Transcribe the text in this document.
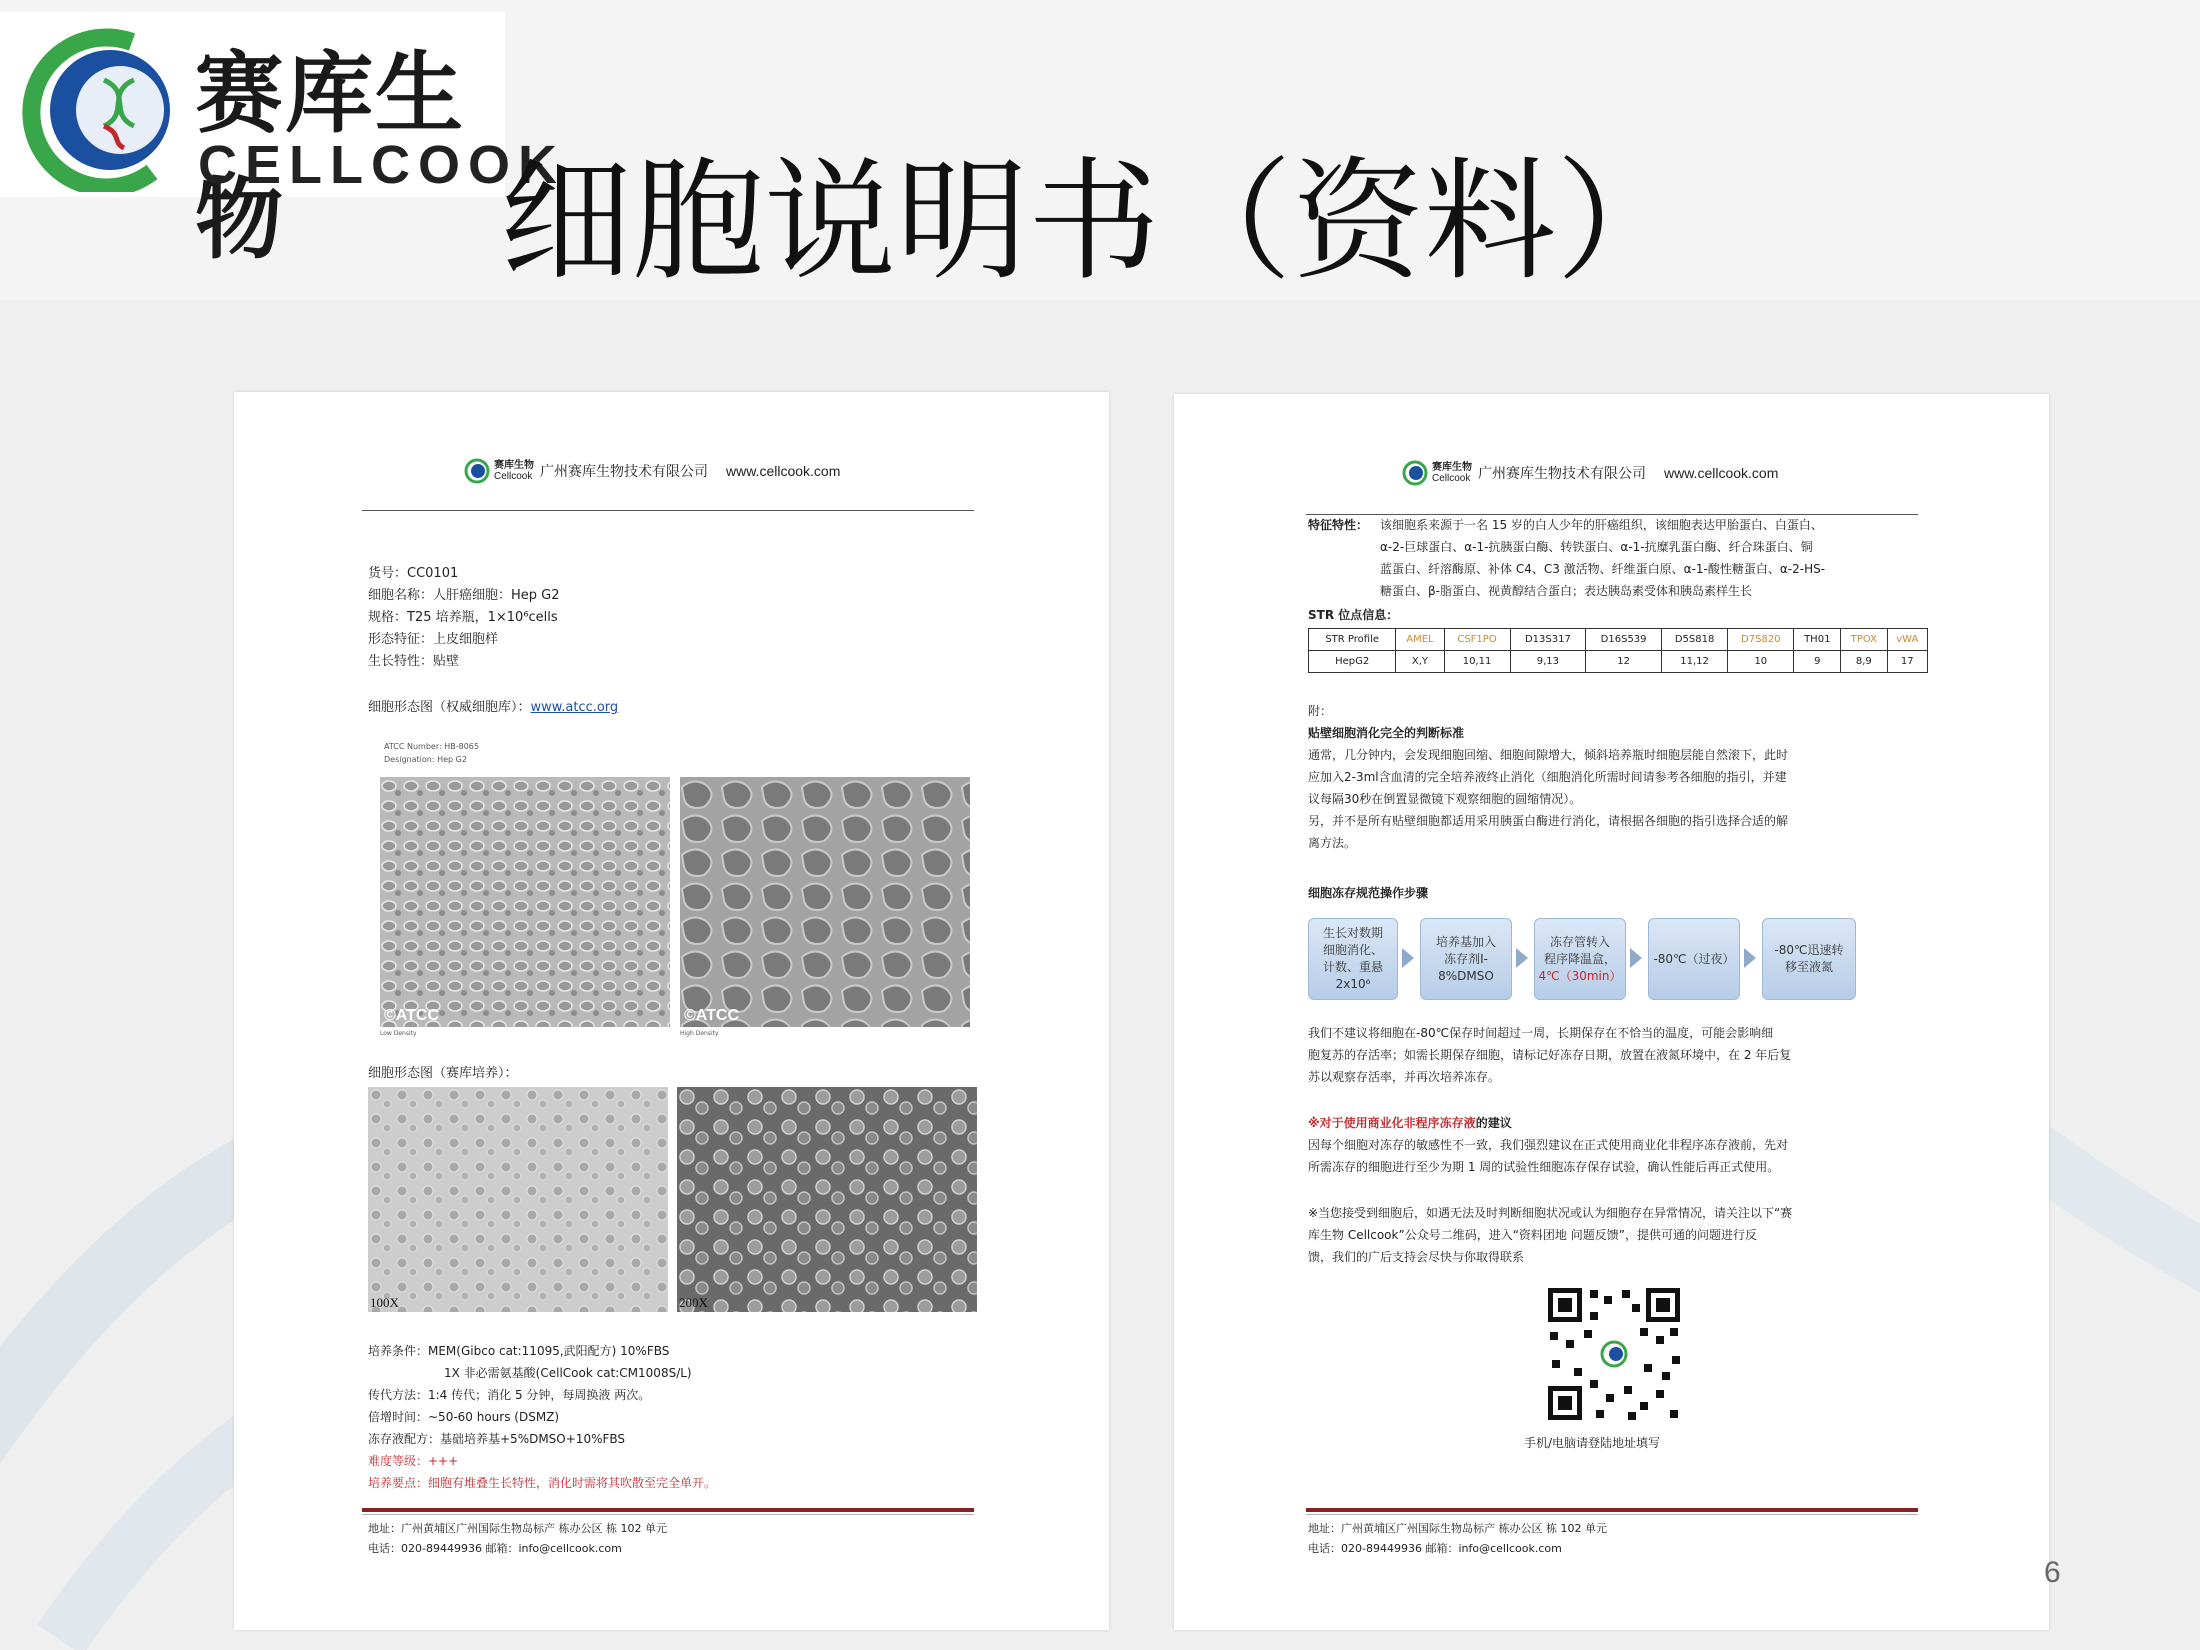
赛库生物
CELLCOOK
细胞说明书（资料）
赛库生物
Cellcook 广州赛库生物技术有限公司 www.cellcook.com
货号：CC0101
细胞名称：人肝癌细胞：Hep G2
规格：T25 培养瓶，1×10⁶cells
形态特征：上皮细胞样
生长特性：贴壁
细胞形态图（权威细胞库）：www.atcc.org
ATCC Number: HB-8065
Designation: Hep G2
©ATCC	©ATCC
Low Density	High Density
细胞形态图（赛库培养）：
100X	200X
培养条件：MEM(Gibco cat:11095,武阳配方) 10%FBS
1X 非必需氨基酸(CellCook cat:CM1008S/L)
传代方法：1:4 传代；消化 5 分钟，每周换液 两次。
倍增时间：~50-60 hours (DSMZ)
冻存液配方：基础培养基+5%DMSO+10%FBS
难度等级：+++
培养要点：细胞有堆叠生长特性，消化时需将其吹散至完全单开。
地址：广州黄埔区广州国际生物岛标产 栋办公区 栋 102 单元
电话：020-89449936 邮箱：info@cellcook.com
赛库生物
Cellcook 广州赛库生物技术有限公司 www.cellcook.com
特征特性： 该细胞系来源于一名 15 岁的白人少年的肝癌组织，该细胞表达甲胎蛋白、白蛋白、
α-2-巨球蛋白、α-1-抗胰蛋白酶、转铁蛋白、α-1-抗糜乳蛋白酶、纤合珠蛋白、铜
蓝蛋白、纤溶酶原、补体 C4、C3 激活物、纤维蛋白原、α-1-酸性糖蛋白、α-2-HS-
糖蛋白、β-脂蛋白、视黄醇结合蛋白；表达胰岛素受体和胰岛素样生长
STR 位点信息：
STR Profile	AMEL	CSF1PO	D13S317	D16S539	D5S818	D7S820	TH01	TPOX	vWA
HepG2	X,Y	10,11	9,13	12	11,12	10	9	8,9	17
附：
贴壁细胞消化完全的判断标准
通常，几分钟内，会发现细胞回缩、细胞间隙增大，倾斜培养瓶时细胞层能自然滚下，此时
应加入2-3ml含血清的完全培养液终止消化（细胞消化所需时间请参考各细胞的指引，并建
议每隔30秒在倒置显微镜下观察细胞的圆缩情况）。
另，并不是所有贴壁细胞都适用采用胰蛋白酶进行消化，请根据各细胞的指引选择合适的解
离方法。
细胞冻存规范操作步骤
生长对数期
细胞消化、
计数、重悬
2x10⁶
培养基加入
冻存剂Ⅰ-
8%DMSO
冻存管转入
程序降温盒，
4℃（30min）
-80℃（过夜）
-80℃迅速转
移至液氮
我们不建议将细胞在-80℃保存时间超过一周，长期保存在不恰当的温度，可能会影响细
胞复苏的存活率；如需长期保存细胞，请标记好冻存日期，放置在液氮环境中，在 2 年后复
苏以观察存活率，并再次培养冻存。
※对于使用商业化非程序冻存液的建议
因每个细胞对冻存的敏感性不一致，我们强烈建议在正式使用商业化非程序冻存液前，先对
所需冻存的细胞进行至少为期 1 周的试验性细胞冻存保存试验，确认性能后再正式使用。
※当您接受到细胞后，如遇无法及时判断细胞状况或认为细胞存在异常情况，请关注以下“赛
库生物 Cellcook”公众号二维码，进入“资料团地 问题反馈”，提供可通的问题进行反
馈，我们的广后支持会尽快与你取得联系
手机/电脑请登陆地址填写
地址：广州黄埔区广州国际生物岛标产 栋办公区 栋 102 单元
电话：020-89449936 邮箱：info@cellcook.com
6
